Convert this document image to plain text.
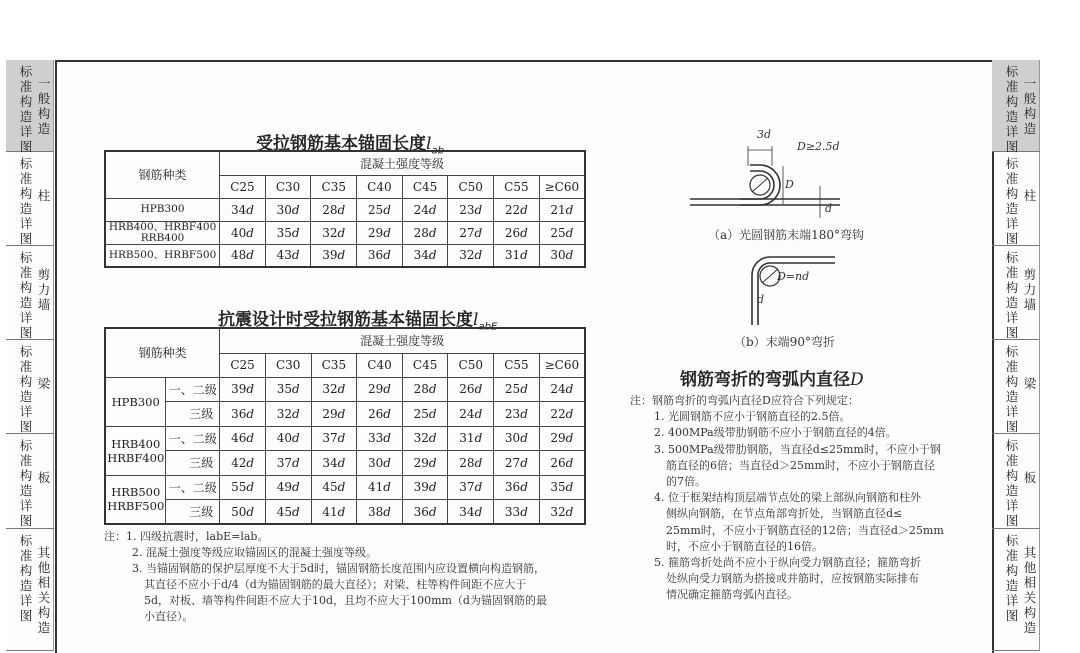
标准构造详图
一般构造
标准构造详图
柱
标准构造详图
剪力墙
标准构造详图
梁
标准构造详图
板
标准构造详图
其他相关构造
标准构造详图
一般构造
标准构造详图
柱
标准构造详图
剪力墙
标准构造详图
梁
标准构造详图
板
标准构造详图
其他相关构造
受拉钢筋基本锚固长度$l_{ab}$
钢筋种类	混凝土强度等级							
	C25	C30	C35	C40	C45	C50	C55	≥C60
HPB300	34d	30d	28d	25d	24d	23d	22d	21d
HRB400、HRBF400 RRB400	40d	35d	32d	29d	28d	27d	26d	25d
HRB500、HRBF500	48d	43d	39d	36d	34d	32d	31d	30d
抗震设计时受拉钢筋基本锚固长度$l_{abE}$
钢筋种类		混凝土强度等级							
		C25	C30	C35	C40	C45	C50	C55	≥C60
HPB300	一、二级	39d	35d	32d	29d	28d	26d	25d	24d
	三级	36d	32d	29d	26d	25d	24d	23d	22d
HRB400 HRBF400	一、二级	46d	40d	37d	33d	32d	31d	30d	29d
	三级	42d	37d	34d	30d	29d	28d	27d	26d
HRB500 HRBF500	一、二级	55d	49d	45d	41d	39d	37d	36d	35d
	三级	50d	45d	41d	38d	36d	34d	33d	32d
注：1. 四级抗震时，labE=lab。
2. 混凝土强度等级应取锚固区的混凝土强度等级。
3. 当锚固钢筋的保护层厚度不大于5d时，锚固钢筋长度范围内应设置横向构造钢筋，
其直径不应小于d/4（d为锚固钢筋的最大直径）；对梁、柱等构件间距不应大于
5d，对板、墙等构件间距不应大于10d，且均不应大于100mm（d为锚固钢筋的最
小直径）。
3d
D≥2.5d
D
d
（a）光圆钢筋末端180°弯钩
D=nd
d
（b）末端90°弯折
钢筋弯折的弯弧内直径D
注：钢筋弯折的弯弧内直径D应符合下列规定：
1. 光圆钢筋不应小于钢筋直径的2.5倍。
2. 400MPa级带肋钢筋不应小于钢筋直径的4倍。
3. 500MPa级带肋钢筋，当直径d≤25mm时，不应小于钢
筋直径的6倍；当直径d＞25mm时，不应小于钢筋直径
的7倍。
4. 位于框架结构顶层端节点处的梁上部纵向钢筋和柱外
侧纵向钢筋，在节点角部弯折处，当钢筋直径d≤
25mm时，不应小于钢筋直径的12倍；当直径d＞25mm
时，不应小于钢筋直径的16倍。
5. 箍筋弯折处尚不应小于纵向受力钢筋直径；箍筋弯折
处纵向受力钢筋为搭接或并筋时，应按钢筋实际排布
情况确定箍筋弯弧内直径。
